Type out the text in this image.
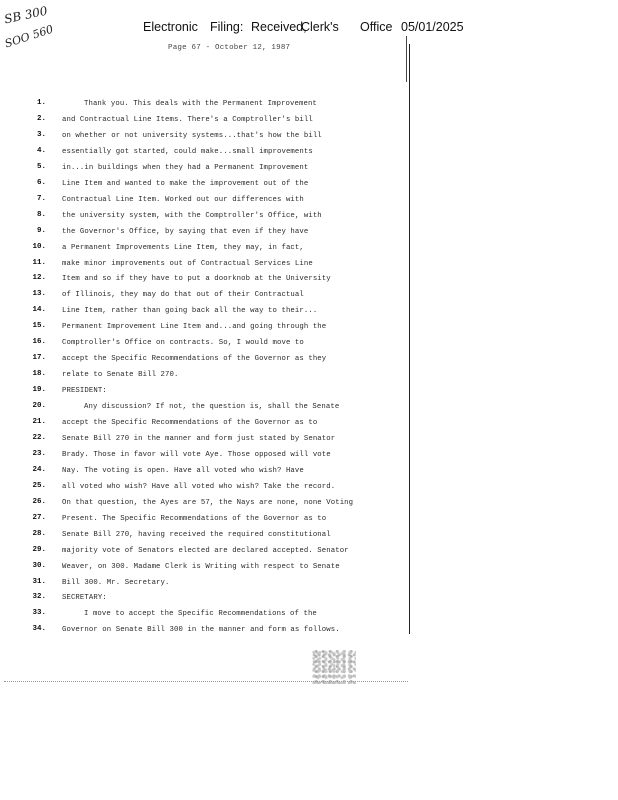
SB 300
SOO 560	Electronic Filing: Received,
Clerk's Office 05/01/2025
Page 67 - October 12, 1987
1.	Thank you. This deals with the Permanent Improvement
2. and Contractual Line Items. There's a Comptroller's bill
3. on whether or not university systems...that's how the bill
4. essentially got started, could make...small improvements
5. in...in buildings when they had a Permanent Improvement
6. Line Item and wanted to make the improvement out of the
7. Contractual Line Item. Worked out our differences with
8. the university system, with the Comptroller's Office, with
9. the Governor's Office, by saying that even if they have
10. a Permanent Improvements Line Item, they may, in fact,
11. make minor improvements out of Contractual Services Line
12. Item and so if they have to put a doorknob at the University
13. of Illinois, they may do that out of their Contractual
14. Line Item, rather than going back all the way to their...
15. Permanent Improvement Line Item and...and going through the
16. Comptroller's Office on contracts. So, I would move to
17. accept the Specific Recommendations of the Governor as they
18. relate to Senate Bill 270.
19. PRESIDENT:
20.	Any discussion? If not, the question is, shall the Senate
21. accept the Specific Recommendations of the Governor as to
22. Senate Bill 270 in the manner and form just stated by Senator
23. Brady. Those in favor will vote Aye. Those opposed will vote
24. Nay. The voting is open. Have all voted who wish? Have
25. all voted who wish? Have all voted who wish? Take the record.
26. On that question, the Ayes are 57, the Nays are none, none Voting
27. Present. The Specific Recommendations of the Governor as to
28. Senate Bill 270, having received the required constitutional
29. majority vote of Senators elected are declared accepted. Senator
30. Weaver, on 300. Madame Clerk is Writing with respect to Senate
31. Bill 300. Mr. Secretary.
32. SECRETARY:
33.	I move to accept the Specific Recommendations of the
34. Governor on Senate Bill 300 in the manner and form as follows.
